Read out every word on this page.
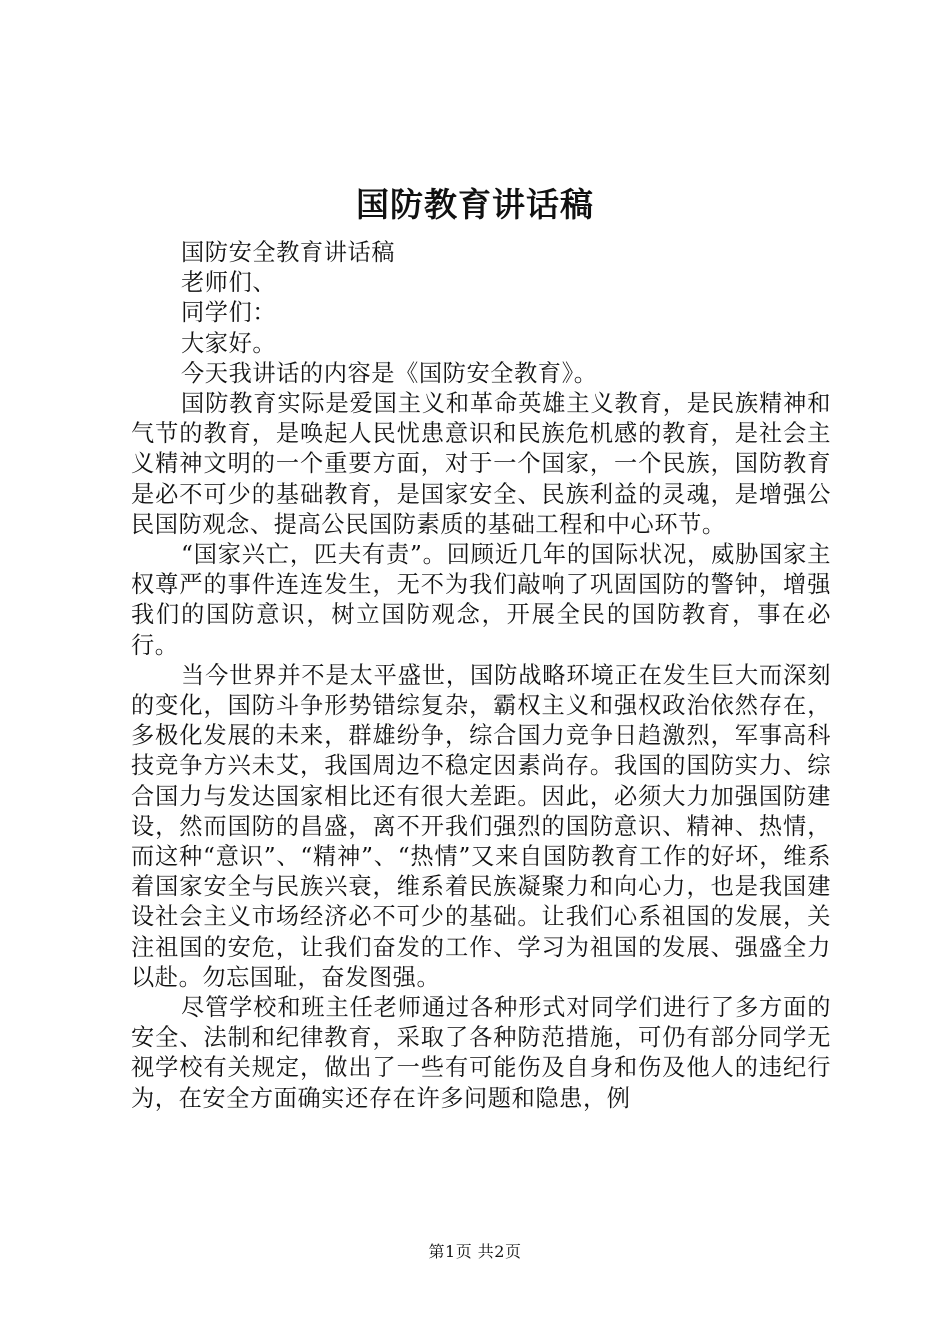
国防教育讲话稿

国防安全教育讲话稿

老师们、

同学们：

大家好。

今天我讲话的内容是《国防安全教育》。

国防教育实际是爱国主义和革命英雄主义教育，是民族精神和气节的教育，是唤起人民忧患意识和民族危机感的教育，是社会主义精神文明的一个重要方面，对于一个国家，一个民族，国防教育是必不可少的基础教育，是国家安全、民族利益的灵魂，是增强公民国防观念、提高公民国防素质的基础工程和中心环节。

“国家兴亡，匹夫有责”。回顾近几年的国际状况，威胁国家主权尊严的事件连连发生，无不为我们敲响了巩固国防的警钟，增强我们的国防意识，树立国防观念，开展全民的国防教育，事在必行。

当今世界并不是太平盛世，国防战略环境正在发生巨大而深刻的变化，国防斗争形势错综复杂，霸权主义和强权政治依然存在，多极化发展的未来，群雄纷争，综合国力竞争日趋激烈，军事高科技竞争方兴未艾，我国周边不稳定因素尚存。我国的国防实力、综合国力与发达国家相比还有很大差距。因此，必须大力加强国防建设，然而国防的昌盛，离不开我们强烈的国防意识、精神、热情，而这种“意识”、“精神”、“热情”又来自国防教育工作的好坏，维系着国家安全与民族兴衰，维系着民族凝聚力和向心力，也是我国建设社会主义市场经济必不可少的基础。让我们心系祖国的发展，关注祖国的安危，让我们奋发的工作、学习为祖国的发展、强盛全力以赴。勿忘国耻，奋发图强。

尽管学校和班主任老师通过各种形式对同学们进行了多方面的安全、法制和纪律教育，采取了各种防范措施，可仍有部分同学无视学校有关规定，做出了一些有可能伤及自身和伤及他人的违纪行为，在安全方面确实还存在许多问题和隐患，例

第1页 共2页
